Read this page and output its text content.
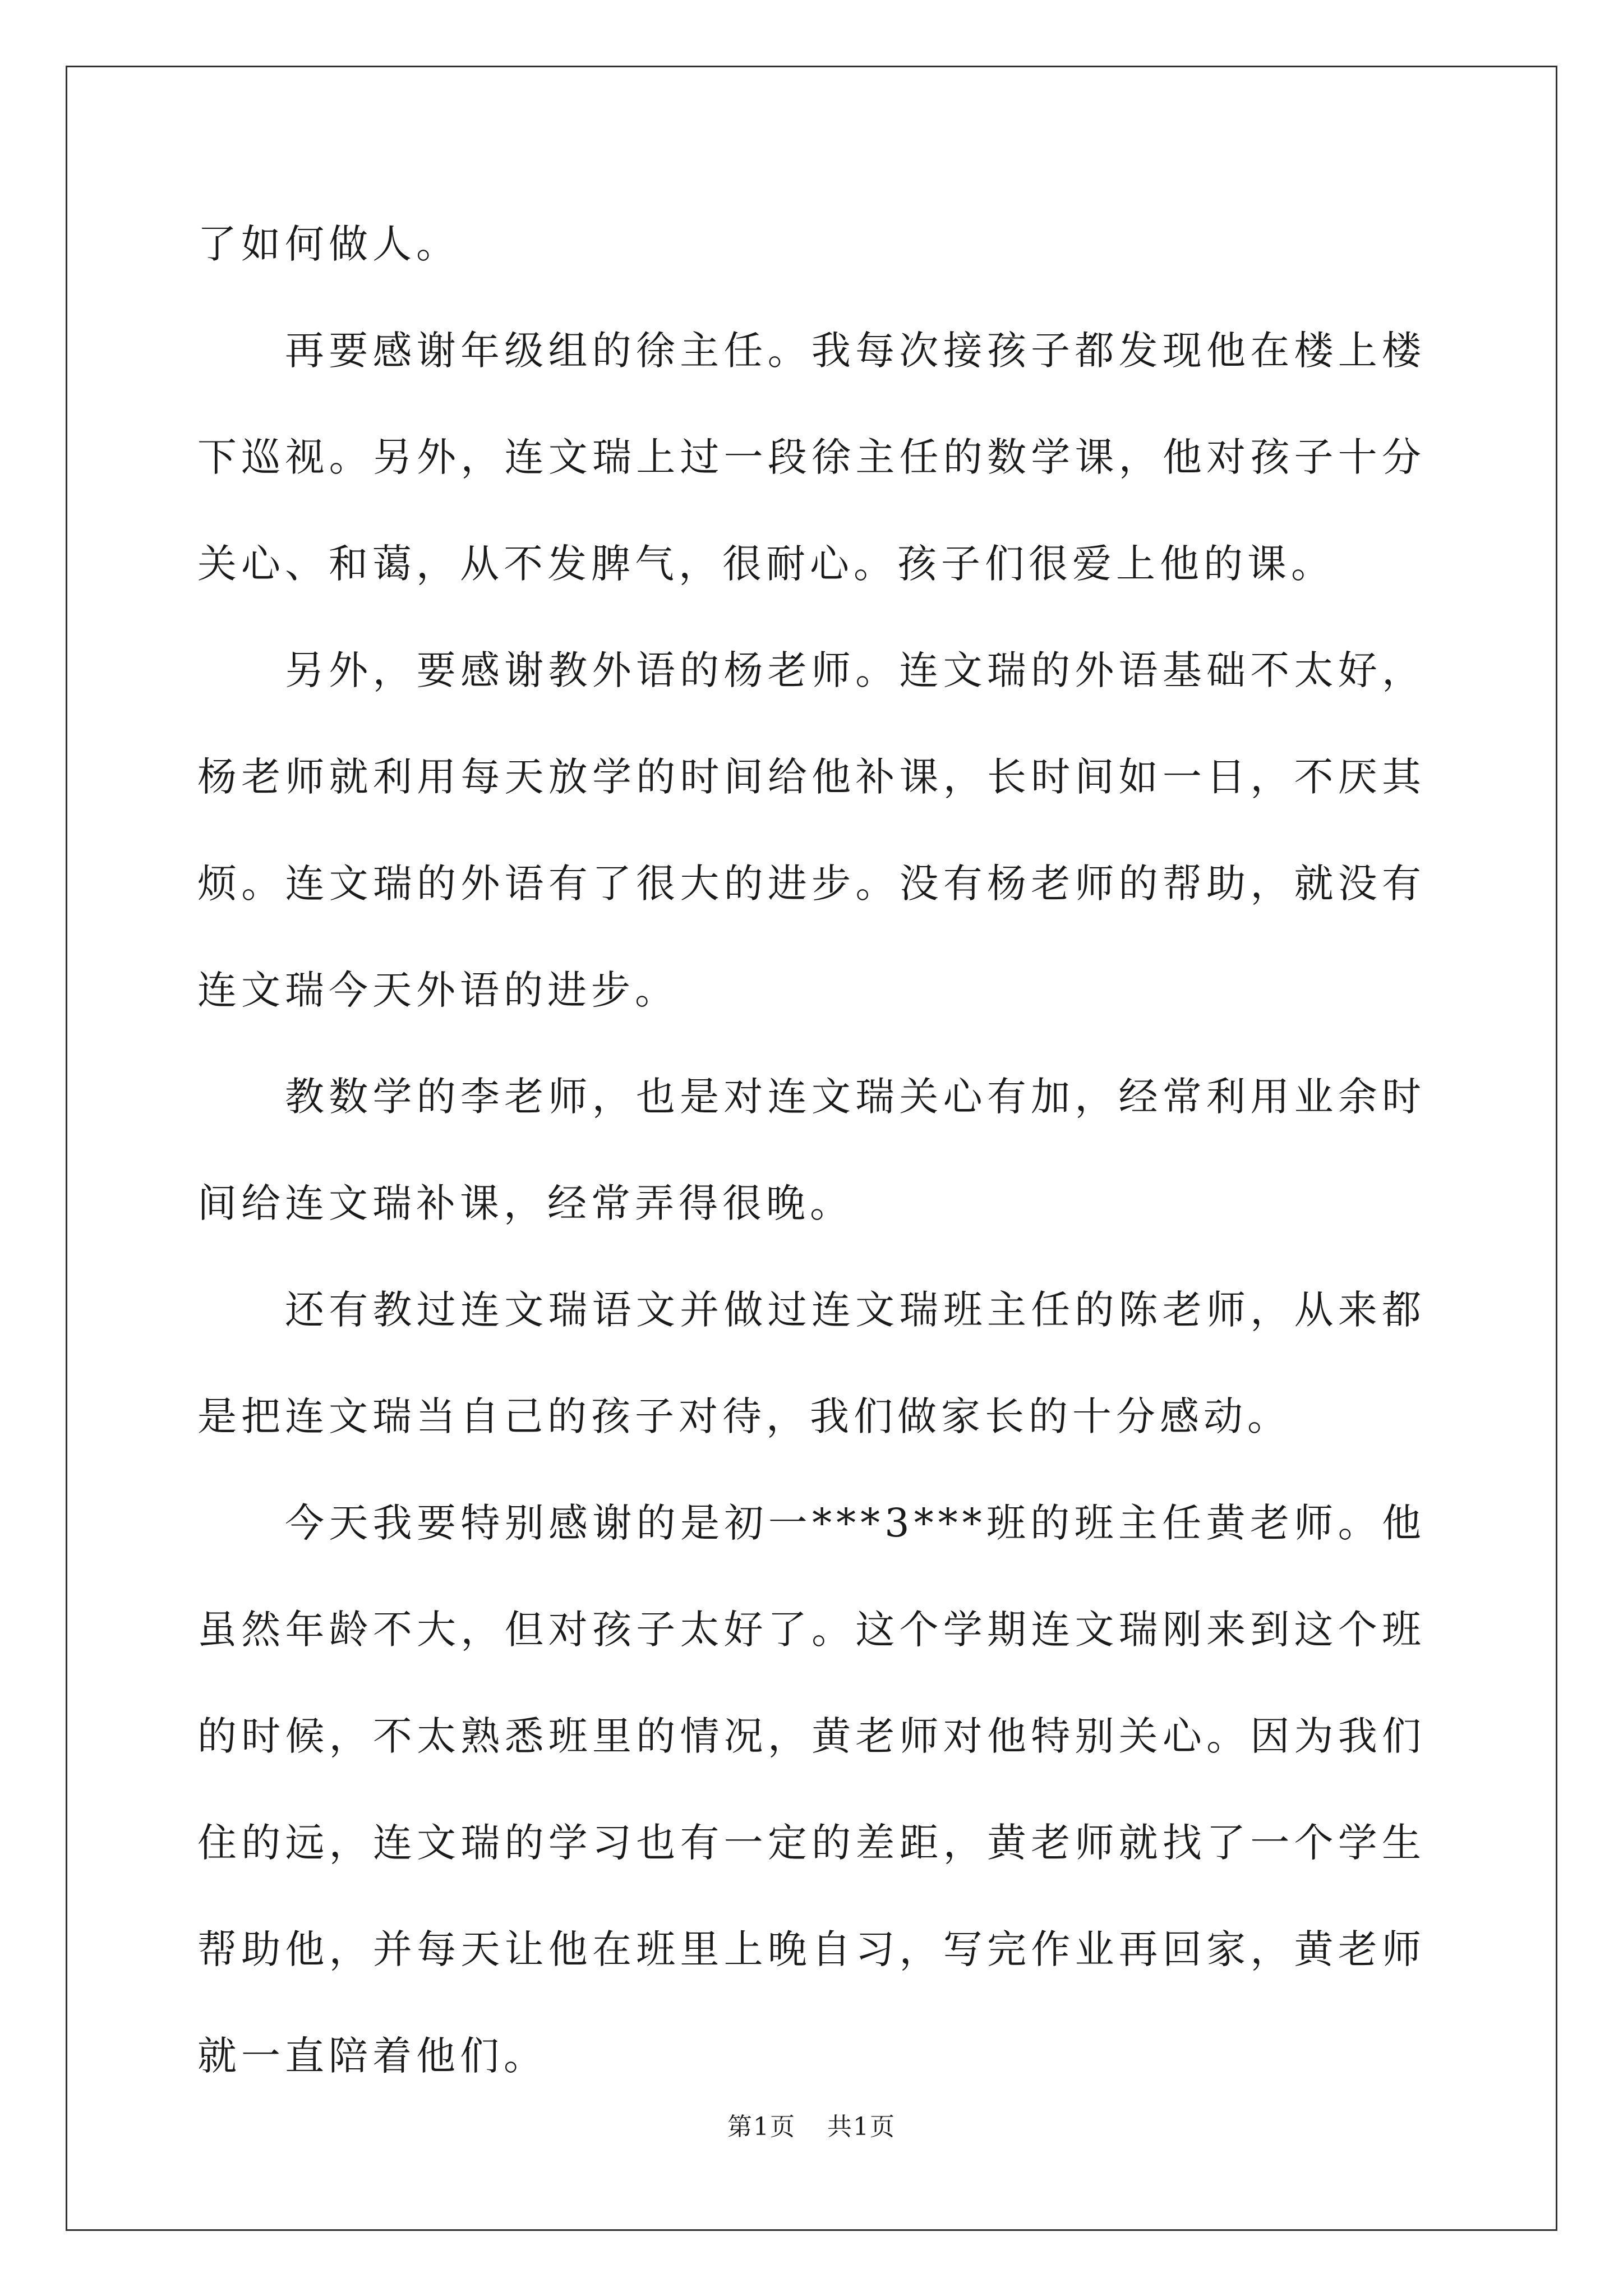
了如何做人。

再要感谢年级组的徐主任。我每次接孩子都发现他在楼上楼下巡视。另外，连文瑞上过一段徐主任的数学课，他对孩子十分关心、和蔼，从不发脾气，很耐心。孩子们很爱上他的课。

另外，要感谢教外语的杨老师。连文瑞的外语基础不太好，杨老师就利用每天放学的时间给他补课，长时间如一日，不厌其烦。连文瑞的外语有了很大的进步。没有杨老师的帮助，就没有连文瑞今天外语的进步。

教数学的李老师，也是对连文瑞关心有加，经常利用业余时间给连文瑞补课，经常弄得很晚。

还有教过连文瑞语文并做过连文瑞班主任的陈老师，从来都是把连文瑞当自己的孩子对待，我们做家长的十分感动。

今天我要特别感谢的是初一***3***班的班主任黄老师。他虽然年龄不大，但对孩子太好了。这个学期连文瑞刚来到这个班的时候，不太熟悉班里的情况，黄老师对他特别关心。因为我们住的远，连文瑞的学习也有一定的差距，黄老师就找了一个学生帮助他，并每天让他在班里上晚自习，写完作业再回家，黄老师就一直陪着他们。

第1页 共1页
